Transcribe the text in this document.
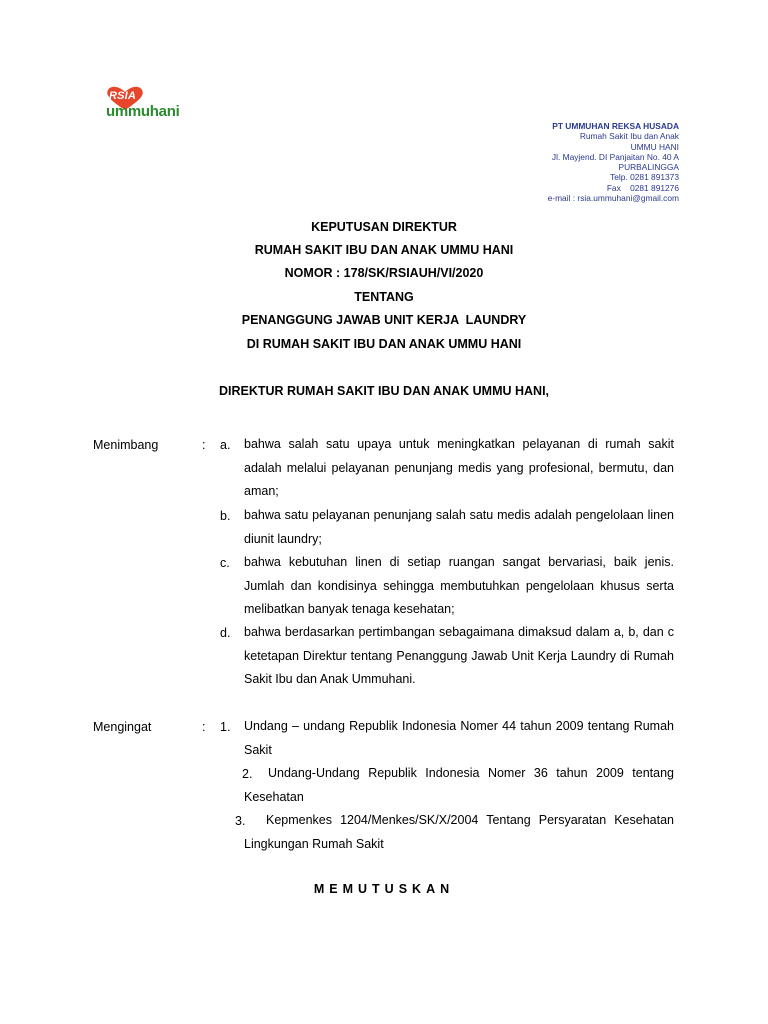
RSIA
ummuhani
PT UMMUHAN REKSA HUSADA
Rumah Sakit Ibu dan Anak
UMMU HANI
Jl. Mayjend. DI Panjaitan No. 40 A
PURBALINGGA
Telp. 0281 891373
Fax    0281 891276
e-mail : rsia.ummuhani@gmail.com
KEPUTUSAN DIREKTUR
RUMAH SAKIT IBU DAN ANAK UMMU HANI
NOMOR : 178/SK/RSIAUH/VI/2020
TENTANG
PENANGGUNG JAWAB UNIT KERJA  LAUNDRY
DI RUMAH SAKIT IBU DAN ANAK UMMU HANI
DIREKTUR RUMAH SAKIT IBU DAN ANAK UMMU HANI,
Menimbang	: a. bahwa salah satu upaya untuk meningkatkan pelayanan di rumah sakit adalah melalui pelayanan penunjang medis yang profesional, bermutu, dan aman;
b. bahwa satu pelayanan penunjang salah satu medis adalah pengelolaan linen diunit laundry;
c. bahwa kebutuhan linen di setiap ruangan sangat bervariasi, baik jenis. Jumlah dan kondisinya sehingga membutuhkan pengelolaan khusus serta melibatkan banyak tenaga kesehatan;
d. bahwa berdasarkan pertimbangan sebagaimana dimaksud dalam a, b, dan c ketetapan Direktur tentang Penanggung Jawab Unit Kerja Laundry di Rumah Sakit Ibu dan Anak Ummuhani.
Mengingat	: 1. Undang – undang Republik Indonesia Nomer 44 tahun 2009 tentang Rumah Sakit
2.	Undang-Undang Republik Indonesia Nomer 36 tahun 2009 tentang Kesehatan
3.	Kepmenkes 1204/Menkes/SK/X/2004 Tentang Persyaratan Kesehatan Lingkungan Rumah Sakit
MEMUTUSKAN
